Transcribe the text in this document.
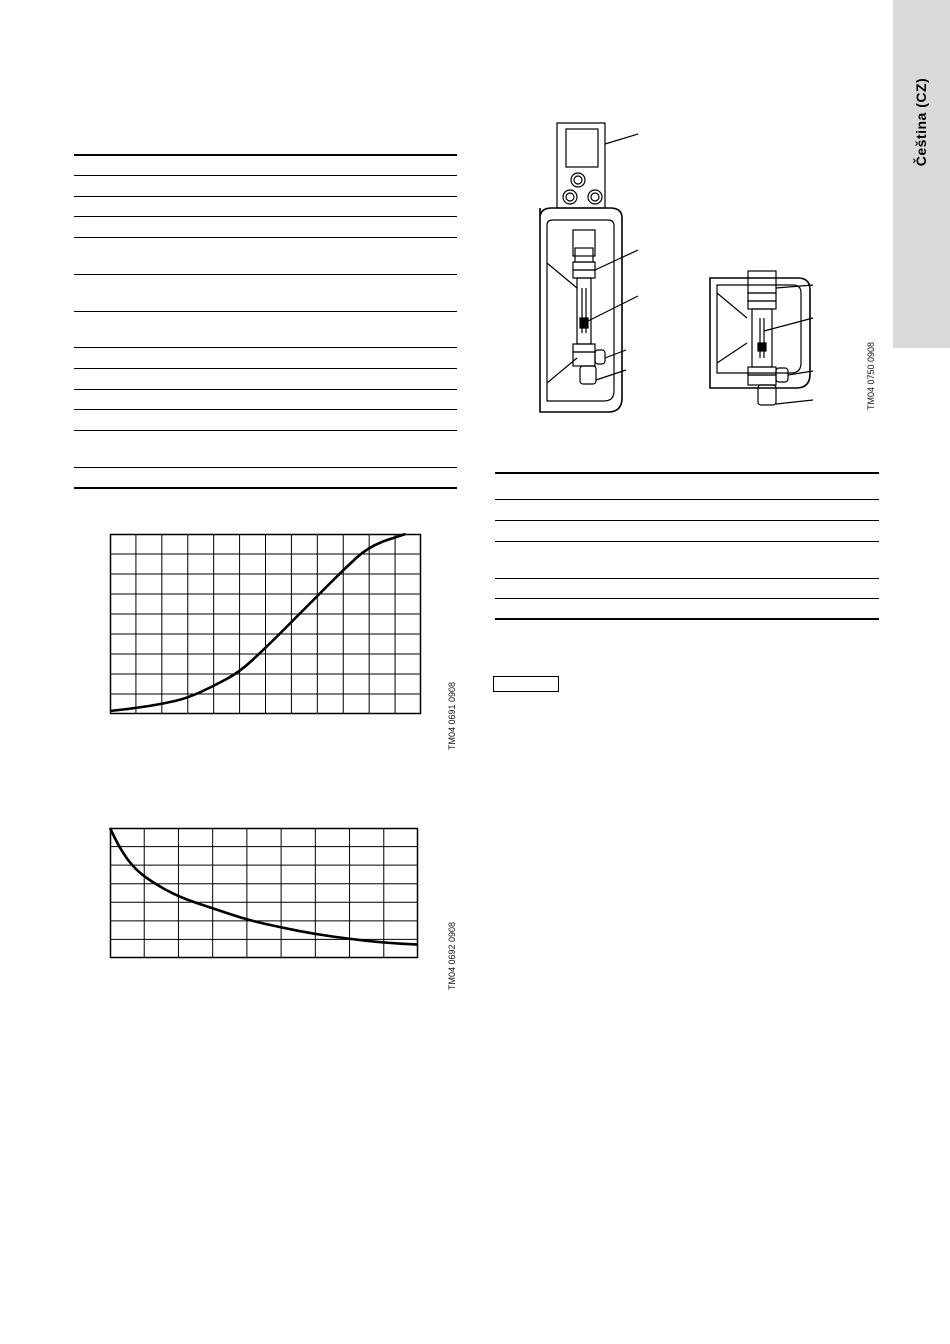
Čeština (CZ)
TM04 0691 0908
TM04 0692 0908
TM04 0750 0908
